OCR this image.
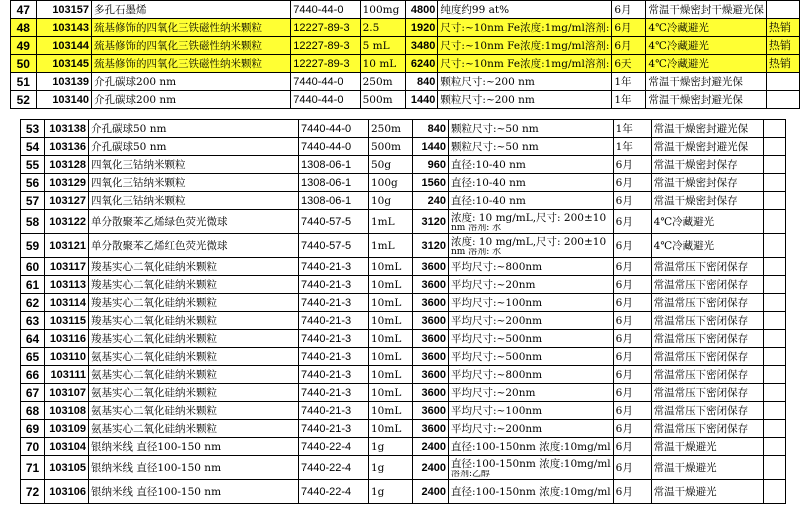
47	103157	多孔石墨烯	7440-44-0	100mg	4800	纯度约99 at%	6月	常温干燥密封干燥避光保	
48	103143	巯基修饰的四氧化三铁磁性纳米颗粒	12227-89-3	2.5	1920	尺寸:~10nm Fe浓度:1mg/ml溶剂:	6月	4℃冷藏避光	热销
49	103144	巯基修饰的四氧化三铁磁性纳米颗粒	12227-89-3	5 mL	3480	尺寸:~10nm Fe浓度:1mg/ml溶剂:	6月	4℃冷藏避光	热销
50	103145	巯基修饰的四氧化三铁磁性纳米颗粒	12227-89-3	10 mL	6240	尺寸:~10nm Fe浓度:1mg/ml溶剂:	6天	4℃冷藏避光	热销
51	103139	介孔碳球200 nm	7440-44-0	250m	840	颗粒尺寸:~200 nm	1年	常温干燥密封避光保	
52	103140	介孔碳球200 nm	7440-44-0	500m	1440	颗粒尺寸:~200 nm	1年	常温干燥密封避光保	
53	103138	介孔碳球50 nm	7440-44-0	250m	840	颗粒尺寸:~50 nm	1年	常温干燥密封避光保	
54	103136	介孔碳球50 nm	7440-44-0	500m	1440	颗粒尺寸:~50 nm	1年	常温干燥密封避光保	
55	103128	四氧化三钴纳米颗粒	1308-06-1	50g	960	直径:10-40 nm	6月	常温干燥密封保存	
56	103129	四氧化三钴纳米颗粒	1308-06-1	100g	1560	直径:10-40 nm	6月	常温干燥密封保存	
57	103127	四氧化三钴纳米颗粒	1308-06-1	10g	240	直径:10-40 nm	6月	常温干燥密封保存	
58	103122	单分散聚苯乙烯绿色荧光微球	7440-57-5	1mL	3120	浓度: 10 mg/mL,尺寸: 200±10
nm 溶剂: 水	6月	4℃冷藏避光	
59	103121	单分散聚苯乙烯红色荧光微球	7440-57-5	1mL	3120	浓度: 10 mg/mL,尺寸: 200±10
nm 溶剂: 水	6月	4℃冷藏避光	
60	103117	羧基实心二氧化硅纳米颗粒	7440-21-3	10mL	3600	平均尺寸:~800nm	6月	常温常压下密闭保存	
61	103113	羧基实心二氧化硅纳米颗粒	7440-21-3	10mL	3600	平均尺寸:~20nm	6月	常温常压下密闭保存	
62	103114	羧基实心二氧化硅纳米颗粒	7440-21-3	10mL	3600	平均尺寸:~100nm	6月	常温常压下密闭保存	
63	103115	羧基实心二氧化硅纳米颗粒	7440-21-3	10mL	3600	平均尺寸:~200nm	6月	常温常压下密闭保存	
64	103116	羧基实心二氧化硅纳米颗粒	7440-21-3	10mL	3600	平均尺寸:~500nm	6月	常温常压下密闭保存	
65	103110	氨基实心二氧化硅纳米颗粒	7440-21-3	10mL	3600	平均尺寸:~500nm	6月	常温常压下密闭保存	
66	103111	氨基实心二氧化硅纳米颗粒	7440-21-3	10mL	3600	平均尺寸:~800nm	6月	常温常压下密闭保存	
67	103107	氨基实心二氧化硅纳米颗粒	7440-21-3	10mL	3600	平均尺寸:~20nm	6月	常温常压下密闭保存	
68	103108	氨基实心二氧化硅纳米颗粒	7440-21-3	10mL	3600	平均尺寸:~100nm	6月	常温常压下密闭保存	
69	103109	氨基实心二氧化硅纳米颗粒	7440-21-3	10mL	3600	平均尺寸:~200nm	6月	常温常压下密闭保存	
70	103104	银纳米线 直径100-150 nm	7440-22-4	1g	2400	直径:100-150nm 浓度:10mg/ml	6月	常温干燥避光	
71	103105	银纳米线 直径100-150 nm	7440-22-4	1g	2400	直径:100-150nm 浓度:10mg/ml
溶剂:乙醇	6月	常温干燥避光	
72	103106	银纳米线 直径100-150 nm	7440-22-4	1g	2400	直径:100-150nm 浓度:10mg/ml	6月	常温干燥避光	
